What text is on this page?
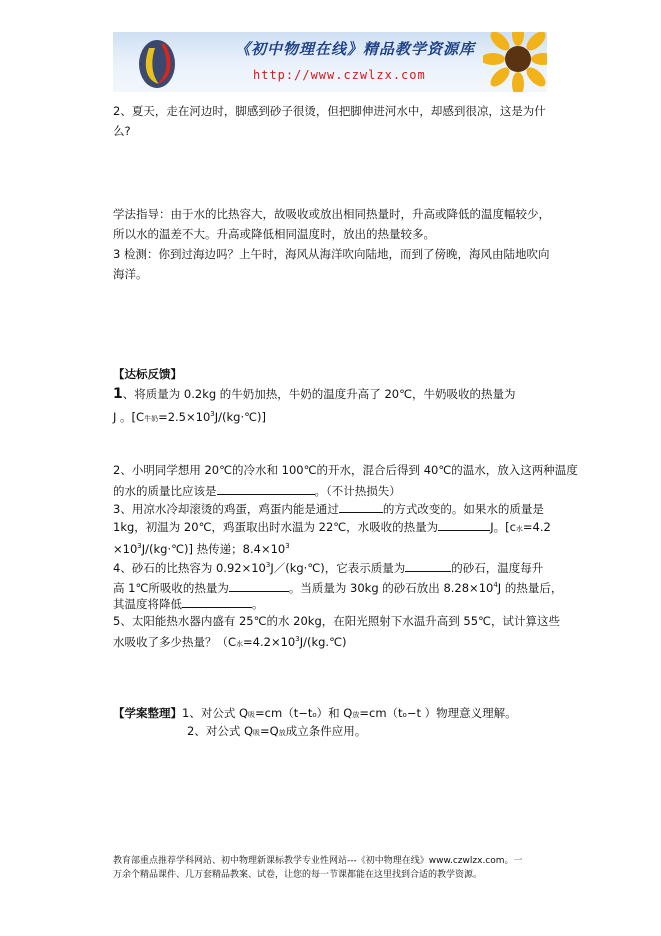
《初中物理在线》精品教学资源库
http://www.czwlzx.com
2、夏天，走在河边时，脚感到砂子很烫，但把脚伸进河水中，却感到很凉，这是为什
么?
学法指导：由于水的比热容大，故吸收或放出相同热量时，升高或降低的温度幅较少，
所以水的温差不大。升高或降低相同温度时，放出的热量较多。
3 检测：你到过海边吗？上午时，海风从海洋吹向陆地，而到了傍晚，海风由陆地吹向
海洋。
【达标反馈】
1、将质量为 0.2kg 的牛奶加热，牛奶的温度升高了 20℃，牛奶吸收的热量为
J 。[C牛奶$=2.5\times 10^3J/(kg\cdot℃)$]
2、小明同学想用 20℃的冷水和 100℃的开水，混合后得到 40℃的温水，放入这两种温度
的水的质量比应该是	。（不计热损失）
3、用凉水冷却滚烫的鸡蛋，鸡蛋内能是通过	的方式改变的。如果水的质量是
1kg，初温为 20℃，鸡蛋取出时水温为 22℃，水吸收的热量为	J。[c水=4.2
$\times 10^3J/(kg\cdot℃)$] 热传递；$8.4\times 10^3$
4、砂石的比热容为 $0.92\times 10^3J/(kg\cdot℃)$，它表示质量为	的砂石，温度每升
高 1℃所吸收的热量为	。当质量为 30kg 的砂石放出 $8.28\times 10^4J$ 的热量后，
其温度将降低	。
5、太阳能热水器内盛有 25℃的水 20kg，在阳光照射下水温升高到 55℃，试计算这些
水吸收了多少热量？（C水$=4.2\times 10^3J/(kg.℃)$
【学案整理】1、对公式 Q吸=cm（t−to）和 Q放=cm（to−t ）物理意义理解。
2、对公式 Q吸=Q放成立条件应用。
教育部重点推荐学科网站、初中物理新课标教学专业性网站---《初中物理在线》www.czwlzx.com。一
万余个精品课件、几万套精品教案、试卷，让您的每一节课都能在这里找到合适的教学资源。
